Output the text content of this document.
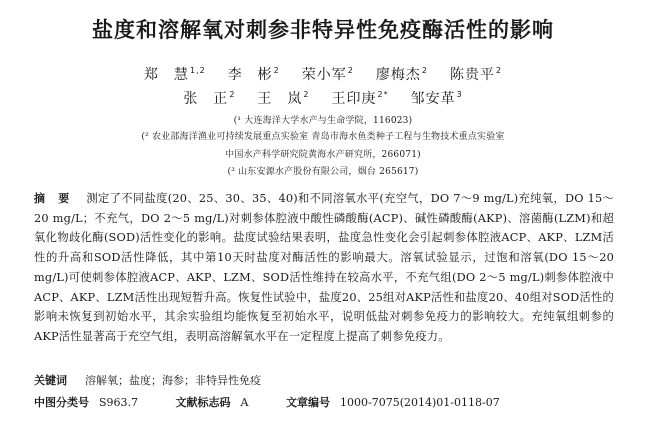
盐度和溶解氧对刺参非特异性免疫酶活性的影响
郑　慧$^{1,2}$ 李　彬$^2$ 荣小军$^2$ 廖梅杰$^2$ 陈贵平$^2$
张　正$^2$ 王　岚$^2$ 王印庚$^{2*}$ 邹安革$^3$
(¹ 大连海洋大学水产与生命学院，116023)
(² 农业部海洋渔业可持续发展重点实验室 青岛市海水鱼类种子工程与生物技术重点实验室
中国水产科学研究院黄海水产研究所，266071)
(³ 山东安源水产股份有限公司，烟台 265617)
摘　要 测定了不同盐度(20、25、30、35、40)和不同溶氧水平(充空气，DO 7～9 mg/L)充纯氧，DO 15～20 mg/L；不充气，DO 2～5 mg/L)对刺参体腔液中酸性磷酸酶(ACP)、碱性磷酸酶(AKP)、溶菌酶(LZM)和超氧化物歧化酶(SOD)活性变化的影响。盐度试验结果表明，盐度急性变化会引起刺参体腔液ACP、AKP、LZM活性的升高和SOD活性降低，其中第10天时盐度对酶活性的影响最大。溶氧试验显示，过饱和溶氧(DO 15～20 mg/L)可使刺参体腔液ACP、AKP、LZM、SOD活性维持在较高水平，不充气组(DO 2～5 mg/L)刺参体腔液中ACP、AKP、LZM活性出现短暂升高。恢复性试验中，盐度20、25组对AKP活性和盐度20、40组对SOD活性的影响未恢复到初始水平，其余实验组均能恢复至初始水平，说明低盐对刺参免疫力的影响较大。充纯氧组刺参的AKP活性显著高于充空气组，表明高溶解氧水平在一定程度上提高了刺参免疫力。
关键词 溶解氧；盐度；海参；非特异性免疫
中图分类号 S963.7	文献标志码 A	文章编号 1000-7075(2014)01-0118-07
